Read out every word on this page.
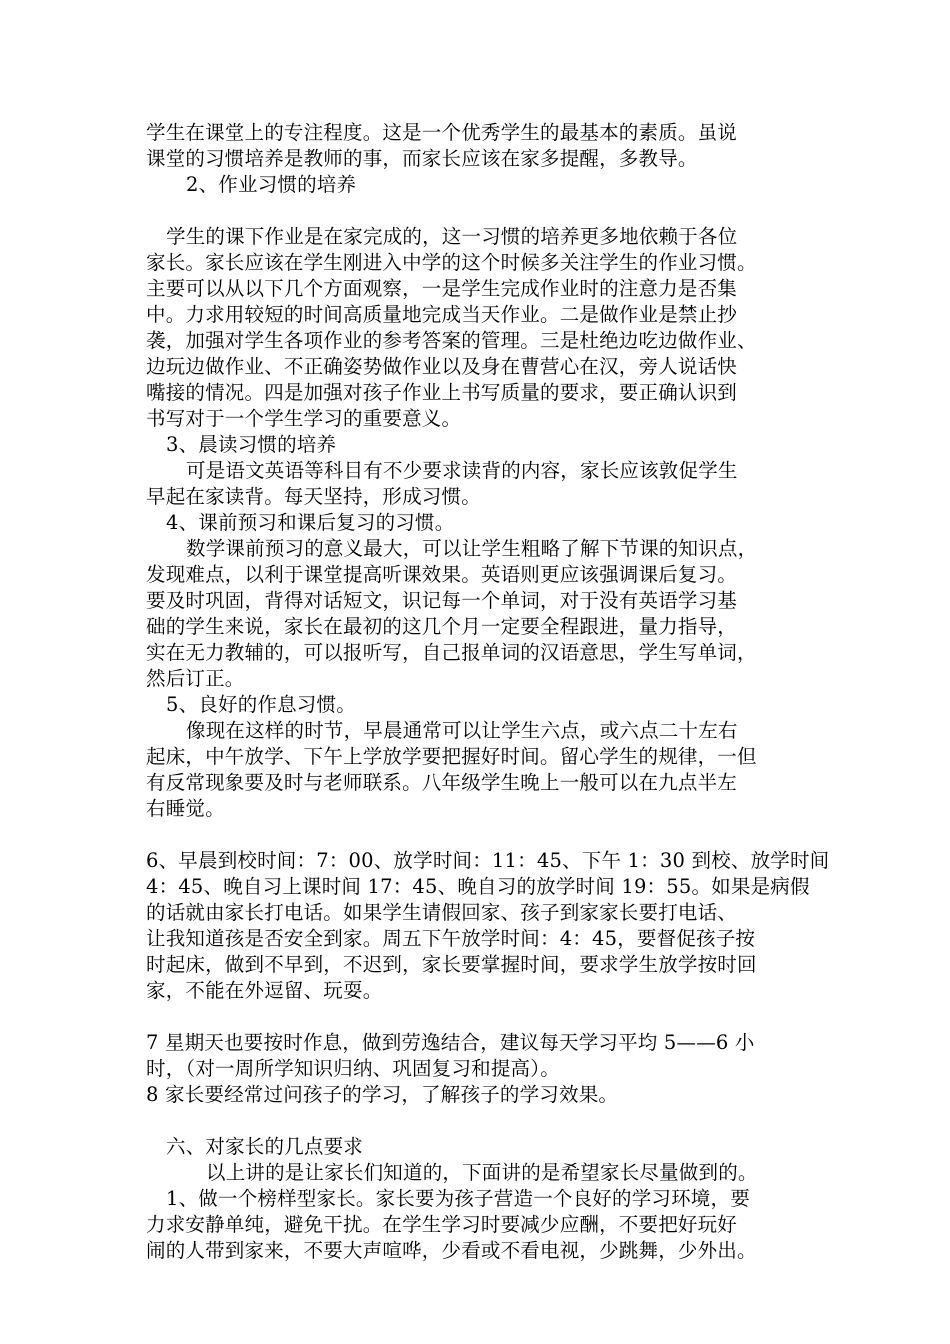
学生在课堂上的专注程度。这是一个优秀学生的最基本的素质。虽说
课堂的习惯培养是教师的事，而家长应该在家多提醒，多教导。
2、作业习惯的培养
学生的课下作业是在家完成的，这一习惯的培养更多地依赖于各位
家长。家长应该在学生刚进入中学的这个时候多关注学生的作业习惯。
主要可以从以下几个方面观察，一是学生完成作业时的注意力是否集
中。力求用较短的时间高质量地完成当天作业。二是做作业是禁止抄
袭，加强对学生各项作业的参考答案的管理。三是杜绝边吃边做作业、
边玩边做作业、不正确姿势做作业以及身在曹营心在汉，旁人说话快
嘴接的情况。四是加强对孩子作业上书写质量的要求，要正确认识到
书写对于一个学生学习的重要意义。
3、晨读习惯的培养
可是语文英语等科目有不少要求读背的内容，家长应该敦促学生
早起在家读背。每天坚持，形成习惯。
4、课前预习和课后复习的习惯。
数学课前预习的意义最大，可以让学生粗略了解下节课的知识点，
发现难点，以利于课堂提高听课效果。英语则更应该强调课后复习。
要及时巩固，背得对话短文，识记每一个单词，对于没有英语学习基
础的学生来说，家长在最初的这几个月一定要全程跟进，量力指导，
实在无力教辅的，可以报听写，自己报单词的汉语意思，学生写单词，
然后订正。
5、良好的作息习惯。
像现在这样的时节，早晨通常可以让学生六点，或六点二十左右
起床，中午放学、下午上学放学要把握好时间。留心学生的规律，一但
有反常现象要及时与老师联系。八年级学生晚上一般可以在九点半左
右睡觉。
6、早晨到校时间：7：00、放学时间：11：45、下午 1：30 到校、放学时间
4：45、晚自习上课时间 17：45、晚自习的放学时间 19：55。如果是病假
的话就由家长打电话。如果学生请假回家、孩子到家家长要打电话、
让我知道孩是否安全到家。周五下午放学时间：4：45，要督促孩子按
时起床，做到不早到，不迟到，家长要掌握时间，要求学生放学按时回
家，不能在外逗留、玩耍。
7 星期天也要按时作息，做到劳逸结合，建议每天学习平均 5——6 小
时，（对一周所学知识归纳、巩固复习和提高）。
8 家长要经常过问孩子的学习，了解孩子的学习效果。
六、对家长的几点要求
以上讲的是让家长们知道的，下面讲的是希望家长尽量做到的。
1、做一个榜样型家长。家长要为孩子营造一个良好的学习环境，要
力求安静单纯，避免干扰。在学生学习时要减少应酬，不要把好玩好
闹的人带到家来，不要大声喧哗，少看或不看电视，少跳舞，少外出。
